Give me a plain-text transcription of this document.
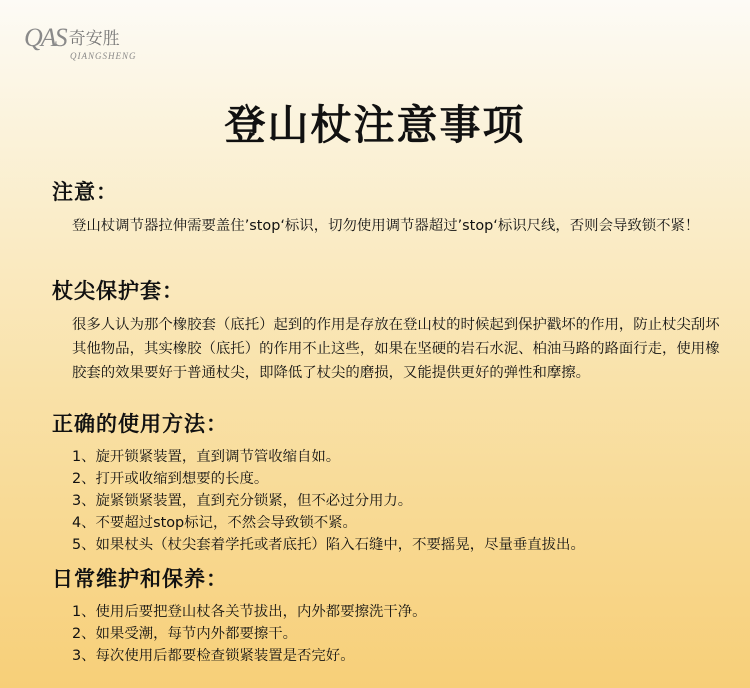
QAS 奇安胜
QIANGSHENG
登山杖注意事项
注意：

登山杖调节器拉伸需要盖住’stop‘标识，切勿使用调节器超过’stop‘标识尺线，否则会导致锁不紧！

杖尖保护套：

很多人认为那个橡胶套（底托）起到的作用是存放在登山杖的时候起到保护戳坏的作用，防止杖尖刮坏其他物品，其实橡胶（底托）的作用不止这些，如果在坚硬的岩石水泥、柏油马路的路面行走，使用橡胶套的效果要好于普通杖尖，即降低了杖尖的磨损，又能提供更好的弹性和摩擦。

正确的使用方法：
1、旋开锁紧装置，直到调节管收缩自如。
2、打开或收缩到想要的长度。
3、旋紧锁紧装置，直到充分锁紧，但不必过分用力。
4、不要超过stop标记，不然会导致锁不紧。
5、如果杖头（杖尖套着学托或者底托）陷入石缝中，不要摇晃，尽量垂直拔出。
日常维护和保养：
1、使用后要把登山杖各关节拔出，内外都要擦洗干净。
2、如果受潮，每节内外都要擦干。
3、每次使用后都要检查锁紧装置是否完好。
